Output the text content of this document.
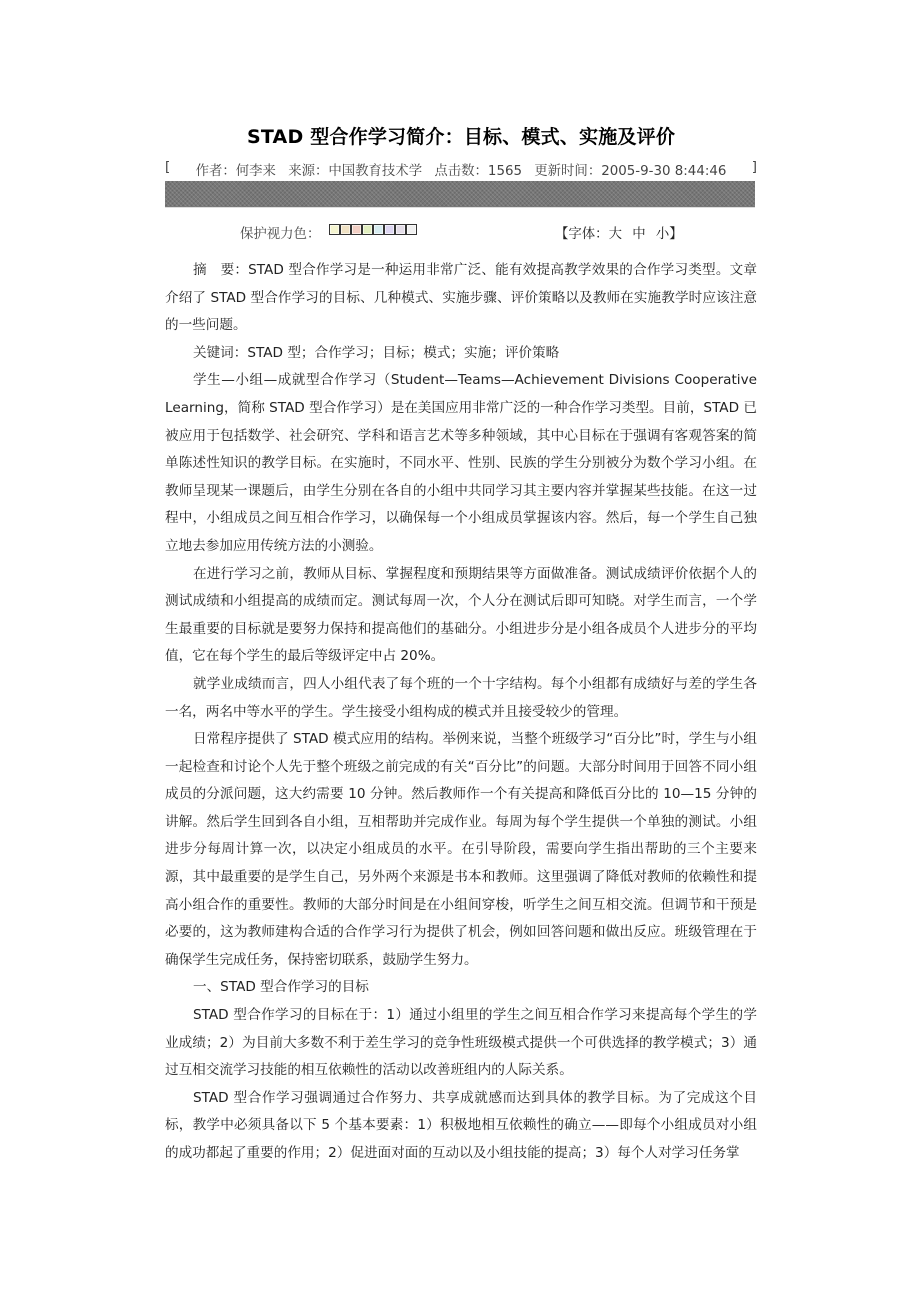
STAD 型合作学习简介：目标、模式、实施及评价
[ 作者：何李来 来源：中国教育技术学 点击数：1565 更新时间：2005-9-30 8:44:46 ]
保护视力色：	【字体：大 中 小】

摘　要：STAD 型合作学习是一种运用非常广泛、能有效提高教学效果的合作学习类型。文章介绍了 STAD 型合作学习的目标、几种模式、实施步骤、评价策略以及教师在实施教学时应该注意的一些问题。

关键词：STAD 型；合作学习；目标；模式；实施；评价策略

学生—小组—成就型合作学习（Student—Teams—Achievement Divisions Cooperative Learning，简称 STAD 型合作学习）是在美国应用非常广泛的一种合作学习类型。目前，STAD 已被应用于包括数学、社会研究、学科和语言艺术等多种领域，其中心目标在于强调有客观答案的简单陈述性知识的教学目标。在实施时，不同水平、性别、民族的学生分别被分为数个学习小组。在教师呈现某一课题后，由学生分别在各自的小组中共同学习其主要内容并掌握某些技能。在这一过程中，小组成员之间互相合作学习，以确保每一个小组成员掌握该内容。然后，每一个学生自己独立地去参加应用传统方法的小测验。

在进行学习之前，教师从目标、掌握程度和预期结果等方面做准备。测试成绩评价依据个人的测试成绩和小组提高的成绩而定。测试每周一次，个人分在测试后即可知晓。对学生而言，一个学生最重要的目标就是要努力保持和提高他们的基础分。小组进步分是小组各成员个人进步分的平均值，它在每个学生的最后等级评定中占 20%。

就学业成绩而言，四人小组代表了每个班的一个十字结构。每个小组都有成绩好与差的学生各一名，两名中等水平的学生。学生接受小组构成的模式并且接受较少的管理。

日常程序提供了 STAD 模式应用的结构。举例来说，当整个班级学习“百分比”时，学生与小组一起检查和讨论个人先于整个班级之前完成的有关“百分比”的问题。大部分时间用于回答不同小组成员的分派问题，这大约需要 10 分钟。然后教师作一个有关提高和降低百分比的 10—15 分钟的讲解。然后学生回到各自小组，互相帮助并完成作业。每周为每个学生提供一个单独的测试。小组进步分每周计算一次，以决定小组成员的水平。在引导阶段，需要向学生指出帮助的三个主要来源，其中最重要的是学生自己，另外两个来源是书本和教师。这里强调了降低对教师的依赖性和提高小组合作的重要性。教师的大部分时间是在小组间穿梭，听学生之间互相交流。但调节和干预是必要的，这为教师建构合适的合作学习行为提供了机会，例如回答问题和做出反应。班级管理在于确保学生完成任务，保持密切联系，鼓励学生努力。

一、STAD 型合作学习的目标

STAD 型合作学习的目标在于：1）通过小组里的学生之间互相合作学习来提高每个学生的学业成绩；2）为目前大多数不利于差生学习的竞争性班级模式提供一个可供选择的教学模式；3）通过互相交流学习技能的相互依赖性的活动以改善班组内的人际关系。

STAD 型合作学习强调通过合作努力、共享成就感而达到具体的教学目标。为了完成这个目标，教学中必须具备以下 5 个基本要素：1）积极地相互依赖性的确立——即每个小组成员对小组的成功都起了重要的作用；2）促进面对面的互动以及小组技能的提高；3）每个人对学习任务掌
